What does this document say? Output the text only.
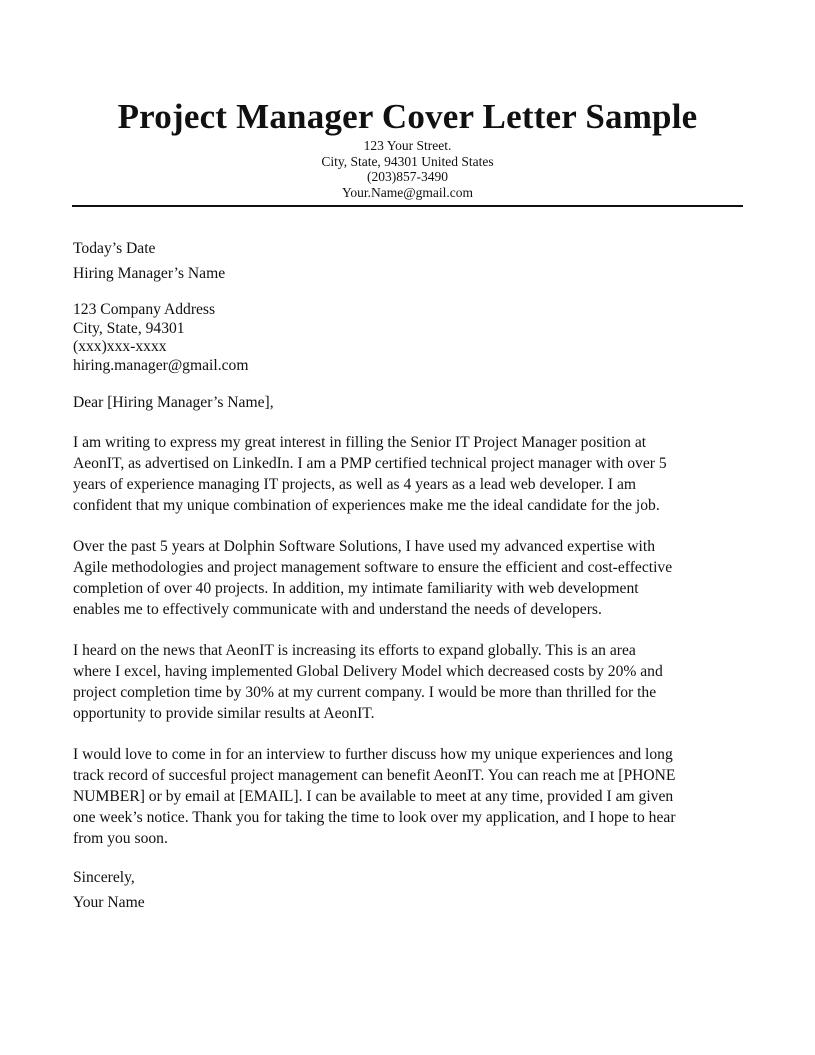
Project Manager Cover Letter Sample

123 Your Street.

City, State, 94301 United States

(203)857-3490

Your.Name@gmail.com

Today’s Date
Hiring Manager’s Name
123 Company Address
City, State, 94301
(xxx)xxx-xxxx
hiring.manager@gmail.com
Dear [Hiring Manager’s Name],
I am writing to express my great interest in filling the Senior IT Project Manager position at
AeonIT, as advertised on LinkedIn. I am a PMP certified technical project manager with over 5
years of experience managing IT projects, as well as 4 years as a lead web developer. I am
confident that my unique combination of experiences make me the ideal candidate for the job.
Over the past 5 years at Dolphin Software Solutions, I have used my advanced expertise with
Agile methodologies and project management software to ensure the efficient and cost-effective
completion of over 40 projects. In addition, my intimate familiarity with web development
enables me to effectively communicate with and understand the needs of developers.
I heard on the news that AeonIT is increasing its efforts to expand globally. This is an area
where I excel, having implemented Global Delivery Model which decreased costs by 20% and
project completion time by 30% at my current company. I would be more than thrilled for the
opportunity to provide similar results at AeonIT.
I would love to come in for an interview to further discuss how my unique experiences and long
track record of succesful project management can benefit AeonIT. You can reach me at [PHONE
NUMBER] or by email at [EMAIL]. I can be available to meet at any time, provided I am given
one week’s notice. Thank you for taking the time to look over my application, and I hope to hear
from you soon.
Sincerely,
Your Name
